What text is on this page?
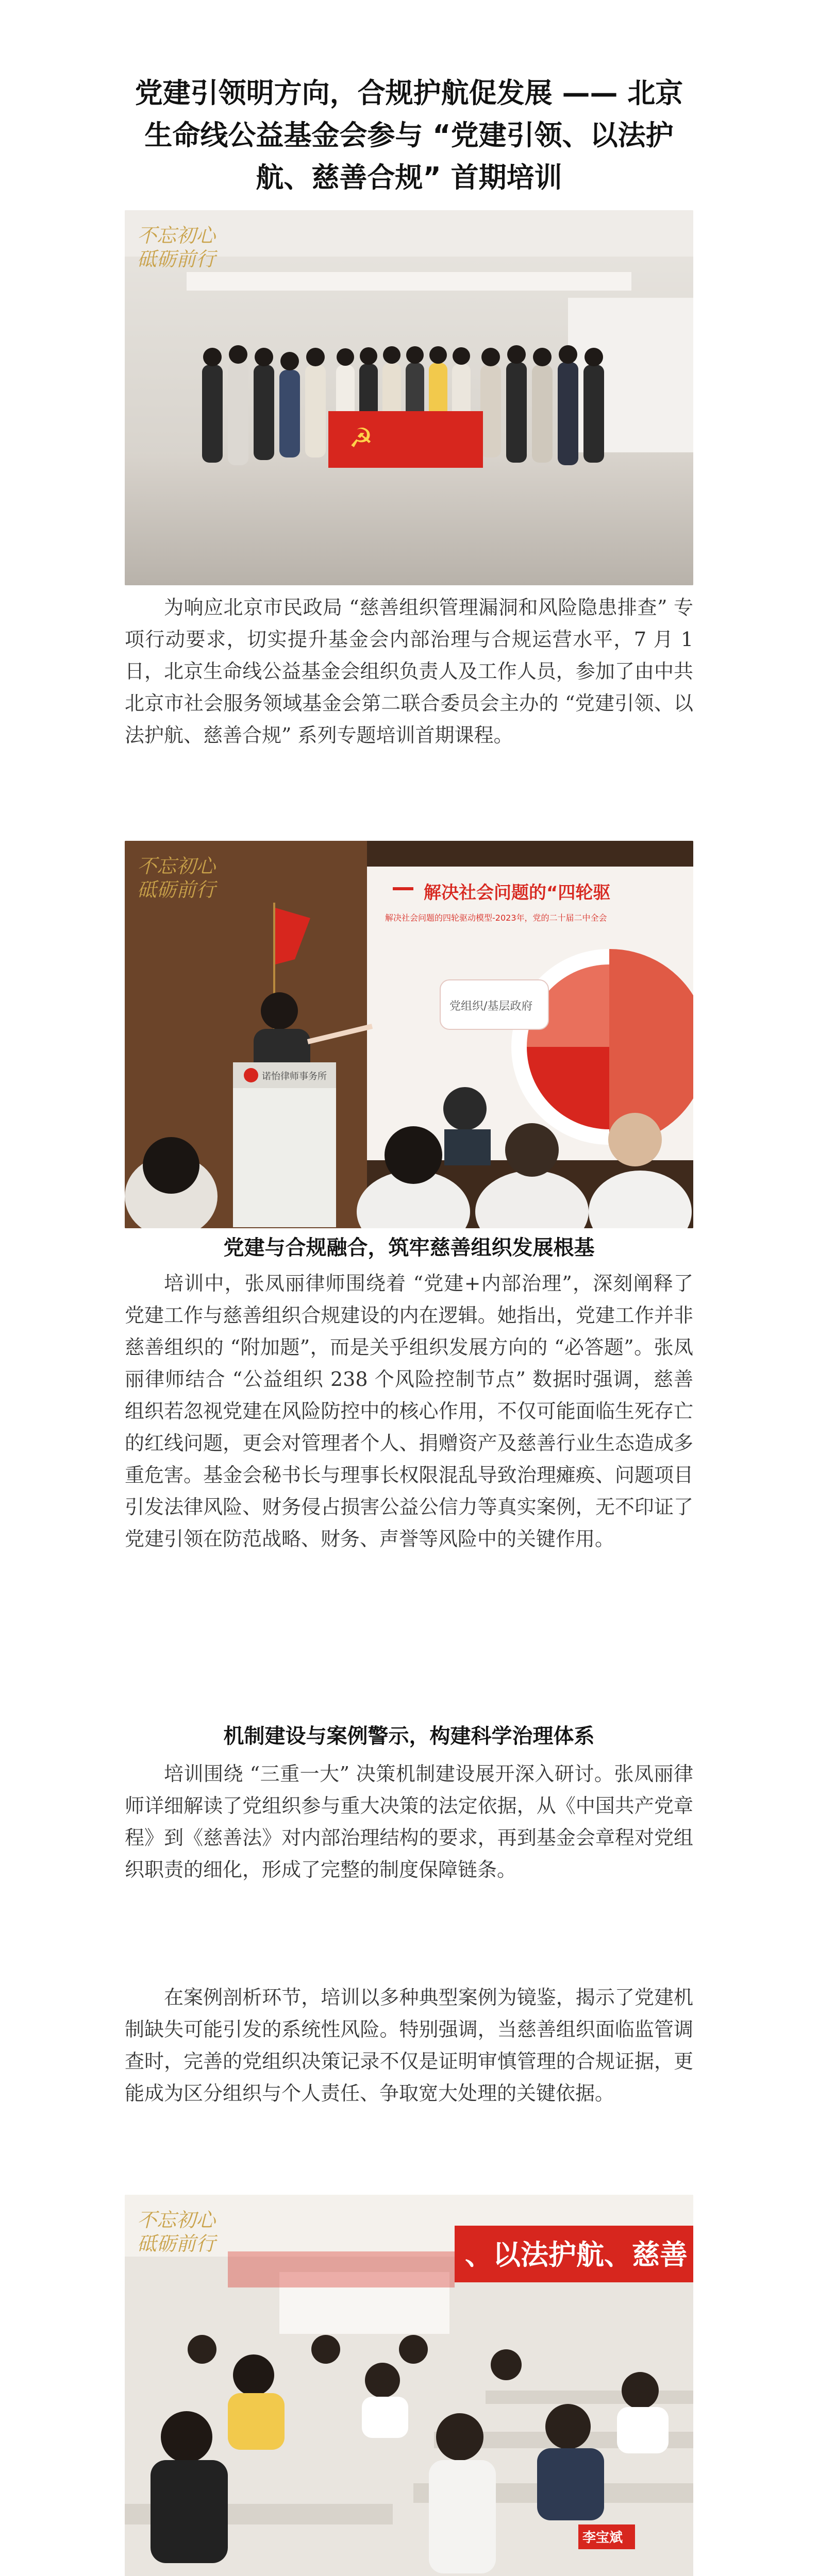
党建引领明方向，合规护航促发展 —— 北京生命线公益基金会参与 “党建引领、以法护航、慈善合规” 首期培训
☭
不忘初心
砥砺前行

为响应北京市民政局 “慈善组织管理漏洞和风险隐患排查” 专项行动要求，切实提升基金会内部治理与合规运营水平，7 月 1 日，北京生命线公益基金会组织负责人及工作人员，参加了由中共北京市社会服务领域基金会第二联合委员会主办的 “党建引领、以法护航、慈善合规” 系列专题培训首期课程。

解决社会问题的“四轮驱
解决社会问题的四轮驱动模型-2023年，党的二十届二中全会
党组织/基层政府
诺怡律师事务所
不忘初心
砥砺前行
党建与合规融合，筑牢慈善组织发展根基

培训中，张凤丽律师围绕着 “党建+内部治理”，深刻阐释了党建工作与慈善组织合规建设的内在逻辑。她指出，党建工作并非慈善组织的 “附加题”，而是关乎组织发展方向的 “必答题”。张凤丽律师结合 “公益组织 238 个风险控制节点” 数据时强调，慈善组织若忽视党建在风险防控中的核心作用，不仅可能面临生死存亡的红线问题，更会对管理者个人、捐赠资产及慈善行业生态造成多重危害。基金会秘书长与理事长权限混乱导致治理瘫痪、问题项目引发法律风险、财务侵占损害公益公信力等真实案例，无不印证了党建引领在防范战略、财务、声誉等风险中的关键作用。

机制建设与案例警示，构建科学治理体系

培训围绕 “三重一大” 决策机制建设展开深入研讨。张凤丽律师详细解读了党组织参与重大决策的法定依据，从《中国共产党章程》到《慈善法》对内部治理结构的要求，再到基金会章程对党组织职责的细化，形成了完整的制度保障链条。

在案例剖析环节，培训以多种典型案例为镜鉴，揭示了党建机制缺失可能引发的系统性风险。特别强调，当慈善组织面临监管调查时，完善的党组织决策记录不仅是证明审慎管理的合规证据，更能成为区分组织与个人责任、争取宽大处理的关键依据。

、以法护航、慈善
李宝斌
不忘初心
砥砺前行
